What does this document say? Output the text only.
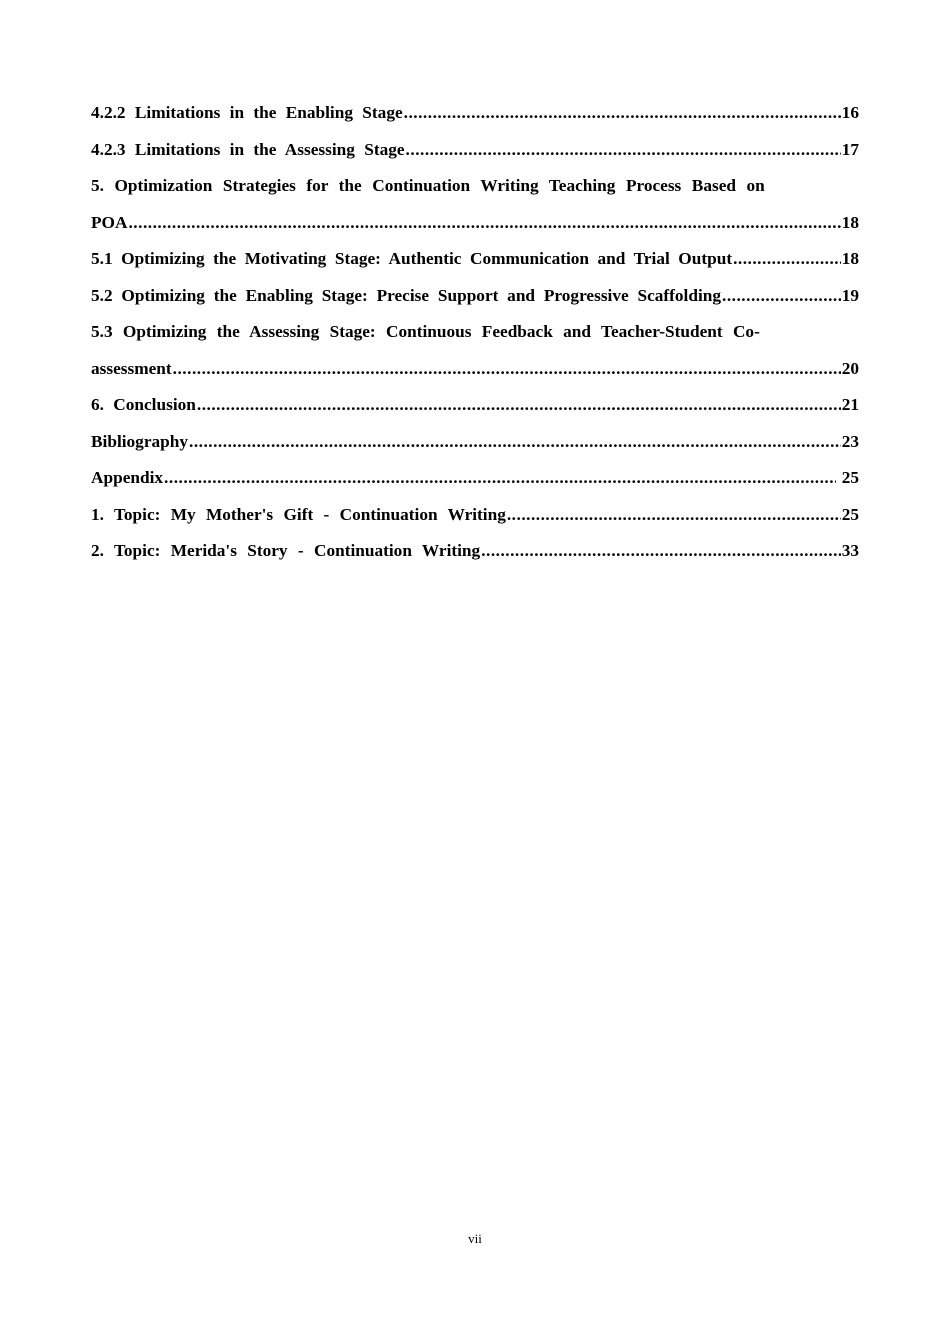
4.2.2 Limitations in the Enabling Stage .....	16
4.2.3 Limitations in the Assessing Stage .....	17
5. Optimization Strategies for the Continuation Writing Teaching Process Based on
POA .....	18
5.1 Optimizing the Motivating Stage: Authentic Communication and Trial Output .....	18
5.2 Optimizing the Enabling Stage: Precise Support and Progressive Scaffolding .....	19
5.3 Optimizing the Assessing Stage: Continuous Feedback and Teacher-Student Co-
assessment .....	20
6. Conclusion .....	21
Bibliography .....	23
Appendix .....	25
1. Topic: My Mother's Gift - Continuation Writing .....	25
2. Topic: Merida's Story - Continuation Writing .....	33
vii
